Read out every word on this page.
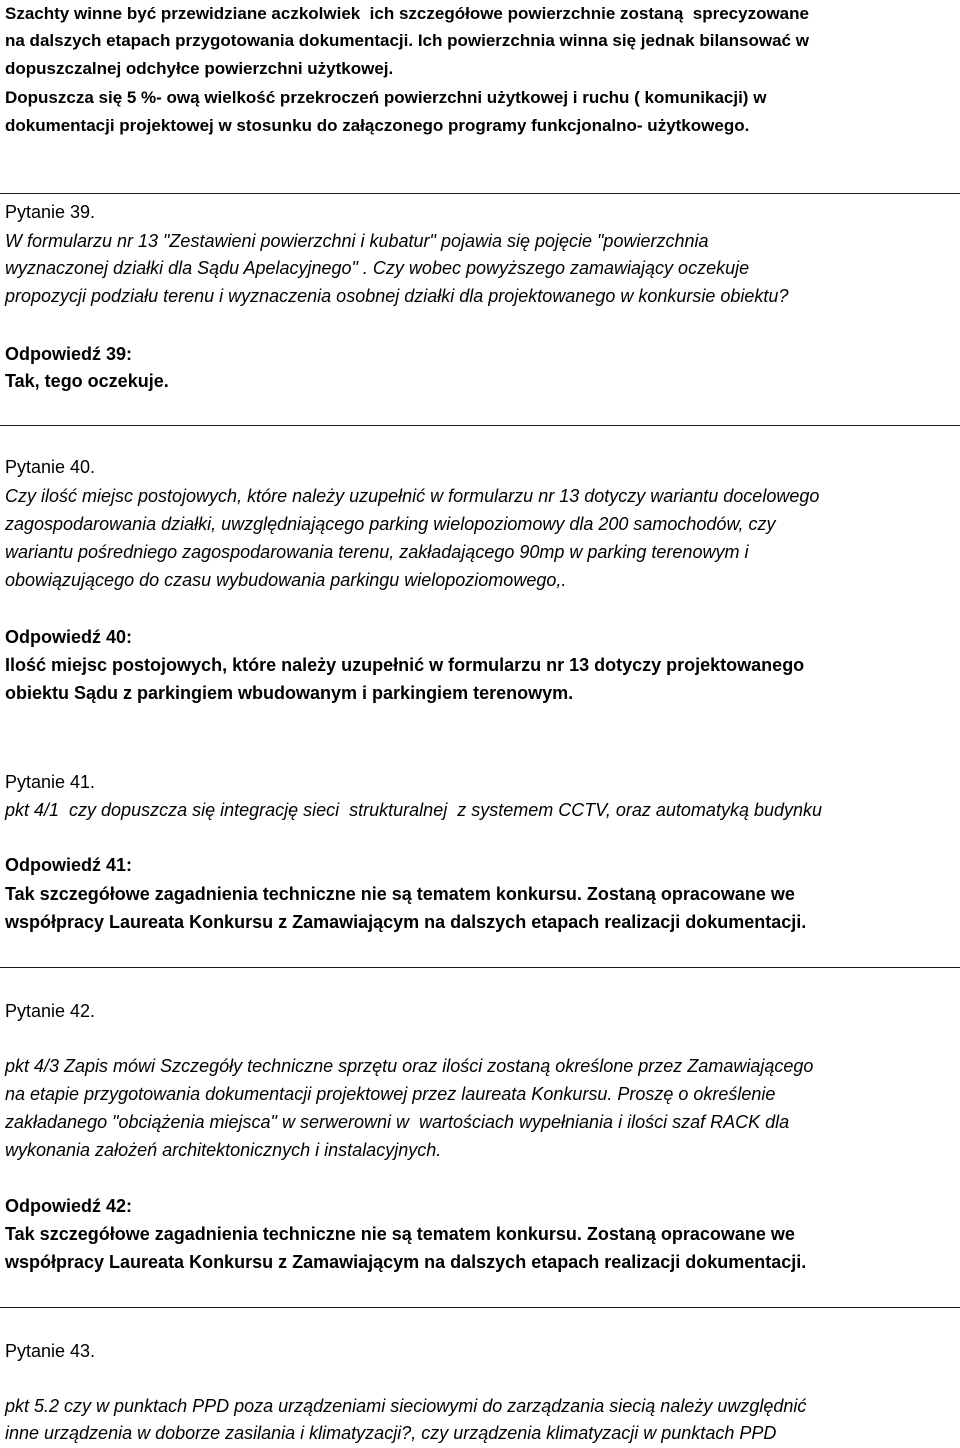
Szachty winne być przewidziane aczkolwiek  ich szczegółowe powierzchnie zostaną  sprecyzowane
na dalszych etapach przygotowania dokumentacji. Ich powierzchnia winna się jednak bilansować w
dopuszczalnej odchyłce powierzchni użytkowej.
Dopuszcza się 5 %- ową wielkość przekroczeń powierzchni użytkowej i ruchu ( komunikacji) w
dokumentacji projektowej w stosunku do załączonego programy funkcjonalno- użytkowego.
Pytanie 39.
W formularzu nr 13 "Zestawieni powierzchni i kubatur" pojawia się pojęcie "powierzchnia
wyznaczonej działki dla Sądu Apelacyjnego" . Czy wobec powyższego zamawiający oczekuje
propozycji podziału terenu i wyznaczenia osobnej działki dla projektowanego w konkursie obiektu?
Odpowiedź 39:
Tak, tego oczekuje.
Pytanie 40.
Czy ilość miejsc postojowych, które należy uzupełnić w formularzu nr 13 dotyczy wariantu docelowego
zagospodarowania działki, uwzględniającego parking wielopoziomowy dla 200 samochodów, czy
wariantu pośredniego zagospodarowania terenu, zakładającego 90mp w parking terenowym i
obowiązującego do czasu wybudowania parkingu wielopoziomowego,.
Odpowiedź 40:
Ilość miejsc postojowych, które należy uzupełnić w formularzu nr 13 dotyczy projektowanego
obiektu Sądu z parkingiem wbudowanym i parkingiem terenowym.
Pytanie 41.
pkt 4/1  czy dopuszcza się integrację sieci  strukturalnej  z systemem CCTV, oraz automatyką budynku
Odpowiedź 41:
Tak szczegółowe zagadnienia techniczne nie są tematem konkursu. Zostaną opracowane we
współpracy Laureata Konkursu z Zamawiającym na dalszych etapach realizacji dokumentacji.
Pytanie 42.
pkt 4/3 Zapis mówi Szczegóły techniczne sprzętu oraz ilości zostaną określone przez Zamawiającego
na etapie przygotowania dokumentacji projektowej przez laureata Konkursu. Proszę o określenie
zakładanego "obciążenia miejsca" w serwerowni w  wartościach wypełniania i ilości szaf RACK dla
wykonania założeń architektonicznych i instalacyjnych.
Odpowiedź 42:
Tak szczegółowe zagadnienia techniczne nie są tematem konkursu. Zostaną opracowane we
współpracy Laureata Konkursu z Zamawiającym na dalszych etapach realizacji dokumentacji.
Pytanie 43.
pkt 5.2 czy w punktach PPD poza urządzeniami sieciowymi do zarządzania siecią należy uwzględnić
inne urządzenia w doborze zasilania i klimatyzacji?, czy urządzenia klimatyzacji w punktach PPD
